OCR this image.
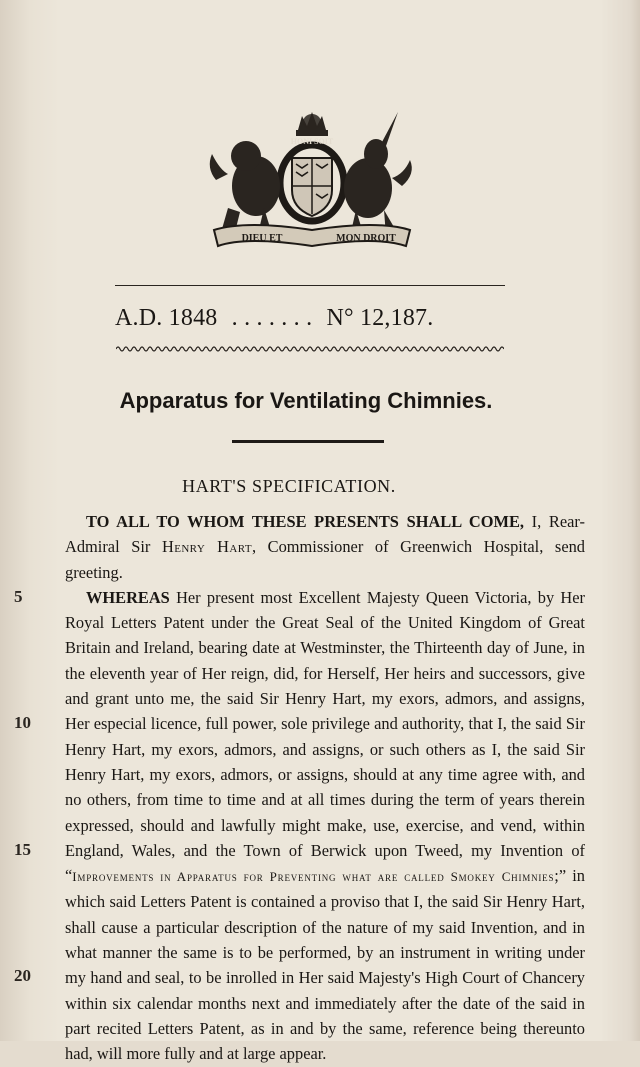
DIEU ET	MON DROIT
HONI SOIT
A.D. 1848 . . . . . . . N° 12,187.
Apparatus for Ventilating Chimnies.
HART'S SPECIFICATION.
5
10
15
20

TO ALL TO WHOM THESE PRESENTS SHALL COME, I, Rear-Admiral Sir Henry Hart, Commissioner of Greenwich Hospital, send greeting.

WHEREAS Her present most Excellent Majesty Queen Victoria, by Her Royal Letters Patent under the Great Seal of the United Kingdom of Great Britain and Ireland, bearing date at Westminster, the Thirteenth day of June, in the eleventh year of Her reign, did, for Herself, Her heirs and successors, give and grant unto me, the said Sir Henry Hart, my exors, admors, and assigns, Her especial licence, full power, sole privilege and authority, that I, the said Sir Henry Hart, my exors, admors, and assigns, or such others as I, the said Sir Henry Hart, my exors, admors, or assigns, should at any time agree with, and no others, from time to time and at all times during the term of years therein expressed, should and lawfully might make, use, exercise, and vend, within England, Wales, and the Town of Berwick upon Tweed, my Invention of “Improvements in Apparatus for Preventing what are called Smokey Chimnies;” in which said Letters Patent is contained a proviso that I, the said Sir Henry Hart, shall cause a particular description of the nature of my said Invention, and in what manner the same is to be performed, by an instrument in writing under my hand and seal, to be inrolled in Her said Majesty's High Court of Chancery within six calendar months next and immediately after the date of the said in part recited Letters Patent, as in and by the same, reference being thereunto had, will more fully and at large appear.
